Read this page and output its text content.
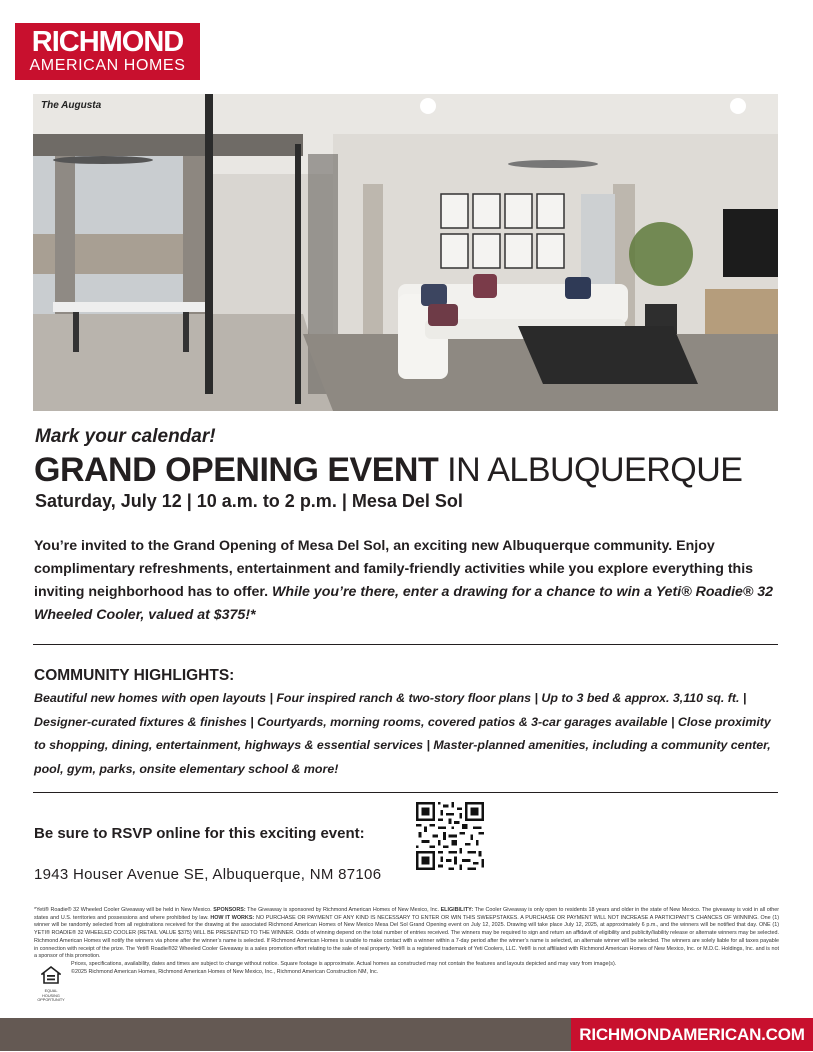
RICHMOND
AMERICAN HOMES
The Augusta
Mark your calendar!
GRAND OPENING EVENT IN ALBUQUERQUE
Saturday, July 12 | 10 a.m. to 2 p.m. | Mesa Del Sol
You’re invited to the Grand Opening of Mesa Del Sol, an exciting new Albuquerque community. Enjoy complimentary refreshments, entertainment and family-friendly activities while you explore everything this inviting neighborhood has to offer. While you’re there, enter a drawing for a chance to win a Yeti® Roadie® 32 Wheeled Cooler, valued at $375!*
COMMUNITY HIGHLIGHTS:
Beautiful new homes with open layouts | Four inspired ranch & two-story floor plans | Up to 3 bed & approx. 3,110 sq. ft. | Designer-curated fixtures & finishes | Courtyards, morning rooms, covered patios & 3-car garages available | Close proximity to shopping, dining, entertainment, highways & essential services | Master-planned amenities, including a community center, pool, gym, parks, onsite elementary school & more!
Be sure to RSVP online for this exciting event:
1943 Houser Avenue SE, Albuquerque, NM 87106
*Yeti® Roadie® 32 Wheeled Cooler Giveaway will be held in New Mexico. SPONSORS: The Giveaway is sponsored by Richmond American Homes of New Mexico, Inc. ELIGIBILITY: The Cooler Giveaway is only open to residents 18 years and older in the state of New Mexico. The giveaway is void in all other states and U.S. territories and possessions and where prohibited by law. HOW IT WORKS: NO PURCHASE OR PAYMENT OF ANY KIND IS NECESSARY TO ENTER OR WIN THIS SWEEPSTAKES. A PURCHASE OR PAYMENT WILL NOT INCREASE A PARTICIPANT’S CHANCES OF WINNING. One (1) winner will be randomly selected from all registrations received for the drawing at the associated Richmond American Homes of New Mexico Mesa Del Sol Grand Opening event on July 12, 2025. Drawing will take place July 12, 2025, at approximately 6 p.m., and the winners will be notified that day. ONE (1) YETI® ROADIE® 32 WHEELED COOLER (RETAIL VALUE $375) WILL BE PRESENTED TO THE WINNER. Odds of winning depend on the total number of entries received. The winners may be required to sign and return an affidavit of eligibility and publicity/liability release or alternate winners may be selected. Richmond American Homes will notify the winners via phone after the winner’s name is selected. If Richmond American Homes is unable to make contact with a winner within a 7-day period after the winner’s name is selected, an alternate winner will be selected. The winners are solely liable for all taxes payable in connection with receipt of the prize. The Yeti® Roadie®32 Wheeled Cooler Giveaway is a sales promotion effort relating to the sale of real property. Yeti® is a registered trademark of Yeti Coolers, LLC. Yeti® is not affiliated with Richmond American Homes of New Mexico, Inc. or M.D.C. Holdings, Inc. and is not a sponsor of this promotion.
Prices, specifications, availability, dates and times are subject to change without notice. Square footage is approximate. Actual homes as constructed may not contain the features and layouts depicted and may vary from image(s).
©2025 Richmond American Homes, Richmond American Homes of New Mexico, Inc., Richmond American Construction NM, Inc.
EQUAL HOUSING OPPORTUNITY
RICHMONDAMERICAN.COM
